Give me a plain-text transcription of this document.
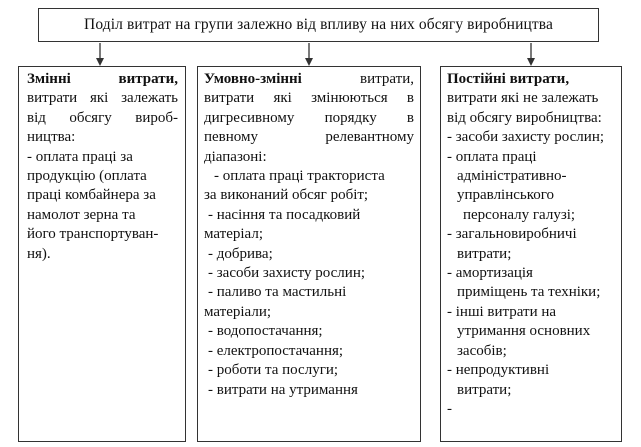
Поділ витрат на групи залежно від впливу на них обсягу виробництва
Змінні витрати,
витрати які залежать
від обсягу вироб-
ництва:
- оплата праці за
продукцію (оплата
праці комбайнера за
намолот зерна та
його транспортуван-
ня).
Умовно-змінні	витрати,
витрати які змінюються в
дигресивному порядку в
певному релевантному
діапазоні:
- оплата праці тракториста
за виконаний обсяг робіт;
- насіння та посадковий
матеріал;
- добрива;
- засоби захисту рослин;
- паливо та мастильні
матеріали;
- водопостачання;
- електропостачання;
- роботи та послуги;
- витрати на утримання
Постійні витрати,
витрати які не залежать
від обсягу виробництва:
- засоби захисту рослин;
- оплата праці
адміністративно-
управлінського
персоналу галузі;
- загальновиробничі
витрати;
- амортизація
приміщень та техніки;
- інші витрати на
утримання основних
засобів;
- непродуктивні
витрати;
-
